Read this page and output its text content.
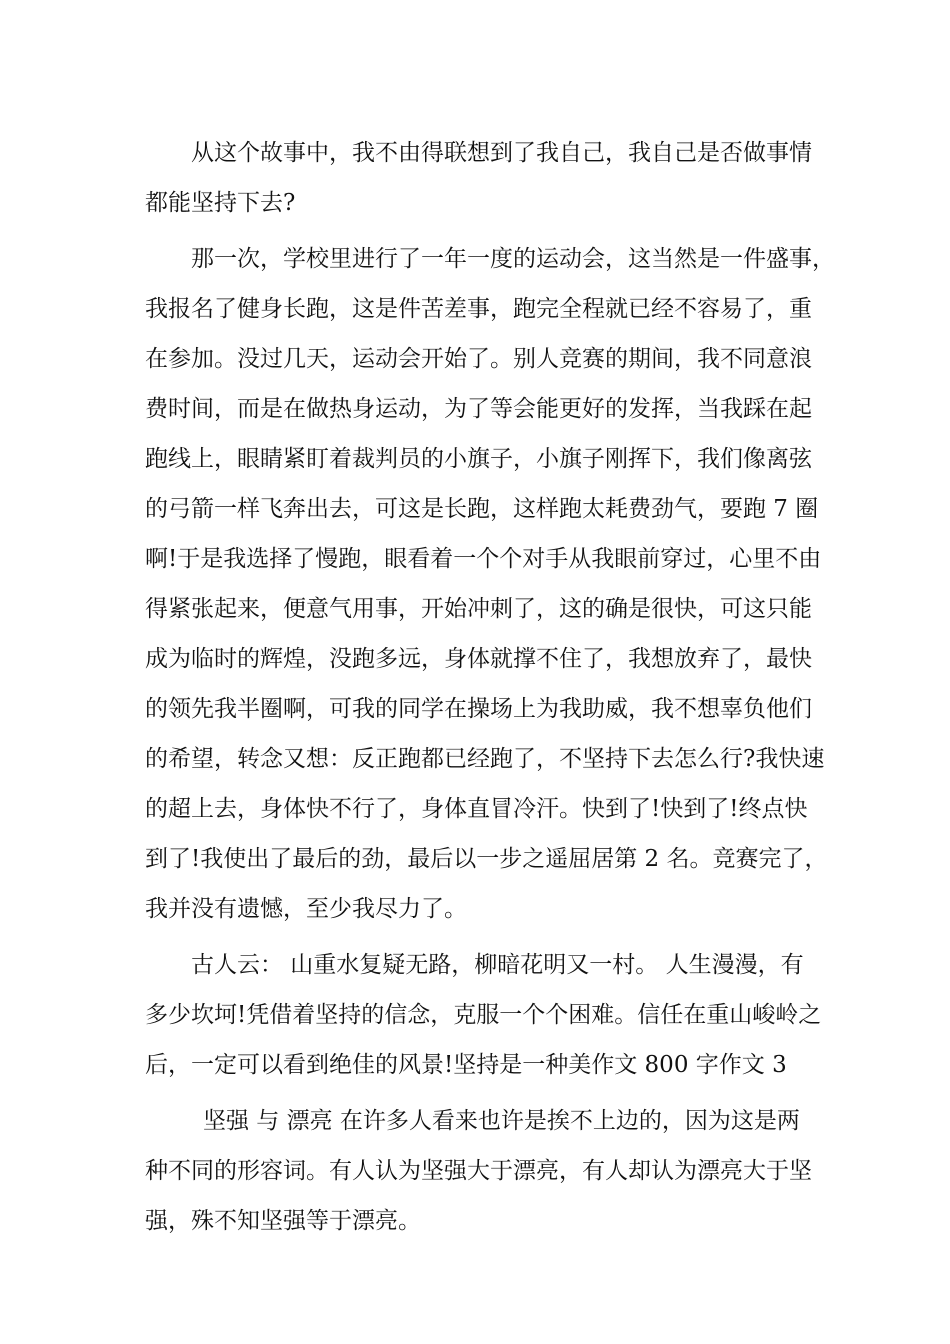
从这个故事中，我不由得联想到了我自己，我自己是否做事情
都能坚持下去?
那一次，学校里进行了一年一度的运动会，这当然是一件盛事，
我报名了健身长跑，这是件苦差事，跑完全程就已经不容易了，重
在参加。没过几天，运动会开始了。别人竞赛的期间，我不同意浪
费时间，而是在做热身运动，为了等会能更好的发挥，当我踩在起
跑线上，眼睛紧盯着裁判员的小旗子，小旗子刚挥下，我们像离弦
的弓箭一样飞奔出去，可这是长跑，这样跑太耗费劲气，要跑 7 圈
啊!于是我选择了慢跑，眼看着一个个对手从我眼前穿过，心里不由
得紧张起来，便意气用事，开始冲刺了，这的确是很快，可这只能
成为临时的辉煌，没跑多远，身体就撑不住了，我想放弃了，最快
的领先我半圈啊，可我的同学在操场上为我助威，我不想辜负他们
的希望，转念又想：反正跑都已经跑了，不坚持下去怎么行?我快速
的超上去，身体快不行了，身体直冒冷汗。快到了!快到了!终点快
到了!我使出了最后的劲，最后以一步之遥屈居第 2 名。竞赛完了，
我并没有遗憾，至少我尽力了。
古人云： 山重水复疑无路，柳暗花明又一村。 人生漫漫，有
多少坎坷!凭借着坚持的信念，克服一个个困难。信任在重山峻岭之
后，一定可以看到绝佳的风景!坚持是一种美作文 800 字作文 3
坚强 与 漂亮 在许多人看来也许是挨不上边的，因为这是两
种不同的形容词。有人认为坚强大于漂亮，有人却认为漂亮大于坚
强，殊不知坚强等于漂亮。
